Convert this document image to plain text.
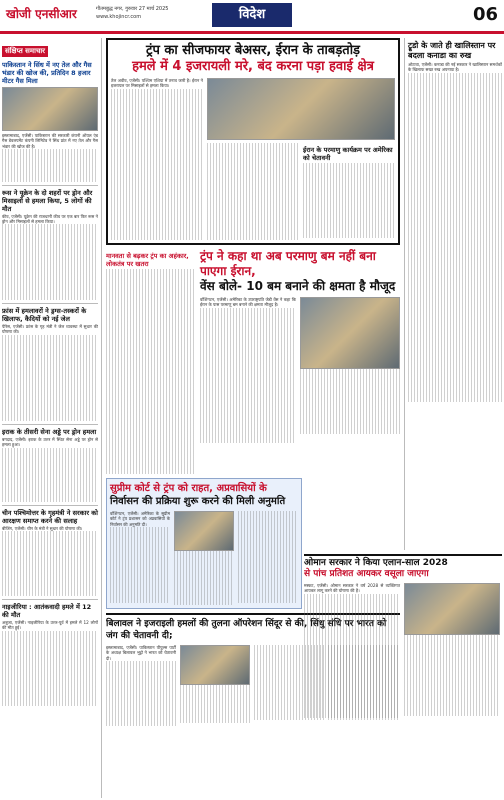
खोजी एनसीआर	गौतमबुद्ध नगर, गुरुवार 27 मार्च 2025
www.khojincr.com	विदेश	06
संक्षिप्त समाचार
पाकिस्तान ने सिंध में नए तेल और गैस भंडार की खोज की, प्रतिदिन 8 हजार मीटर गैस मिला
इस्लामाबाद, एजेंसी। पाकिस्तान की सरकारी कंपनी ऑयल एंड गैस डेवलपमेंट कंपनी लिमिटेड ने सिंध प्रांत में नए तेल और गैस भंडार की खोज की है।
रूस ने यूक्रेन के दो शहरों पर ड्रोन और मिसाइलों से हमला किया, 5 लोगों की मौत
कीव, एजेंसी। यूक्रेन की राजधानी कीव पर एक बार फिर रूस ने ड्रोन और मिसाइलों से हमला किया।
फ्रांस में हमलावरों ने ड्रग्स-तस्करों के खिलाफ, कैदियों को नई जेल
पेरिस, एजेंसी। फ्रांस के गृह मंत्री ने जेल व्यवस्था में सुधार की घोषणा की।
इराक के तीसरी सेना अड्डे पर ड्रोन हमला
बगदाद, एजेंसी। इराक के उत्तर में स्थित सेना अड्डे पर ड्रोन से हमला हुआ।
चीन पश्चिमोत्तर के गृहमंत्री ने सरकार को आरक्षण समाप्त करने की सलाह
बीजिंग, एजेंसी। चीन के मंत्री ने सुधार की घोषणा की।
नाइजीरिया : आतंकवादी हमले में 12 की मौत
अबुजा, एजेंसी। नाइजीरिया के उत्तर-पूर्व में हमले में 12 लोगों की मौत हुई।
ट्रंप का सीजफायर बेअसर, ईरान के ताबड़तोड़
हमले में 4 इजरायली मरे, बंद करना पड़ा हवाई क्षेत्र
तेल अवीव, एजेंसी। पश्चिम एशिया में तनाव जारी है। ईरान ने इजरायल पर मिसाइलों से हमला किया।
ईरान के परमाणु कार्यक्रम पर अमेरिका को चेतावनी
मानवता से बढ़कर ट्रंप का अहंकार, लोकतंत्र पर खतरा
ट्रंप ने कहा था अब परमाणु बम नहीं बना पाएगा ईरान,
वेंस बोले- 10 बम बनाने की क्षमता है मौजूद
वॉशिंगटन, एजेंसी। अमेरिका के उपराष्ट्रपति जेडी वेंस ने कहा कि ईरान के पास परमाणु बम बनाने की क्षमता मौजूद है।
सुप्रीम कोर्ट से ट्रंप को राहत, अप्रवासियों के
निर्वासन की प्रक्रिया शुरू करने की मिली अनुमति
वॉशिंगटन, एजेंसी। अमेरिका के सुप्रीम कोर्ट ने ट्रंप प्रशासन को अप्रवासियों के निर्वासन की अनुमति दी।
बिलावल ने इजराइली हमलों की तुलना ऑपरेशन सिंदूर से की, सिंधु संधि पर भारत को जंग की चेतावनी दी;
इस्लामाबाद, एजेंसी। पाकिस्तान पीपुल्स पार्टी के अध्यक्ष बिलावल भुट्टो ने भारत को चेतावनी दी।
ट्रूडो के जाते ही खालिस्तान पर बदला कनाडा का रुख
ओटावा, एजेंसी। कनाडा की नई सरकार ने खालिस्तान समर्थकों के खिलाफ सख्त रुख अपनाया है।
ओमान सरकार ने किया एलान-साल 2028
से पांच प्रतिशत आयकर वसूला जाएगा
मस्कट, एजेंसी। ओमान सरकार ने वर्ष 2028 से व्यक्तिगत आयकर लागू करने की घोषणा की है।
